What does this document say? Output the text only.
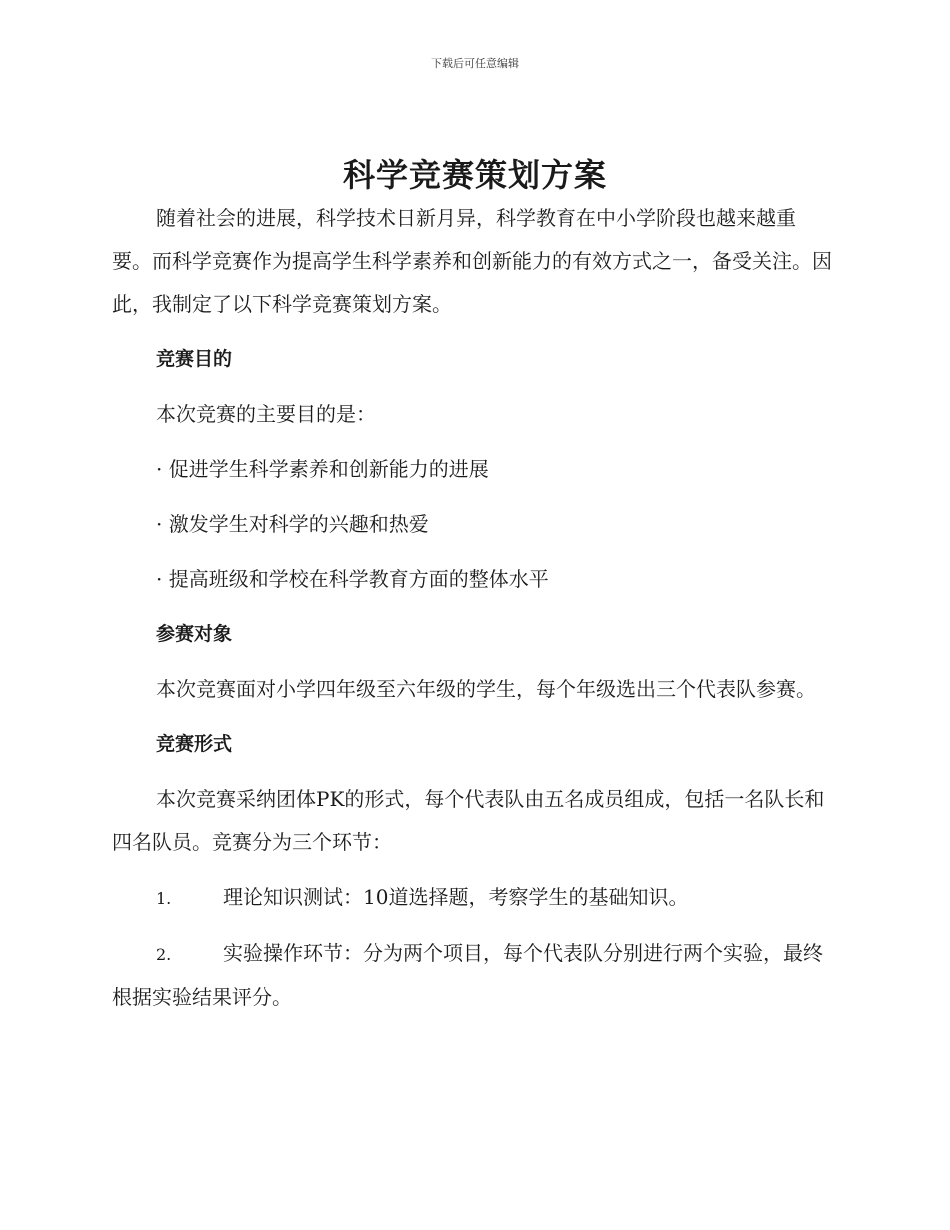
下载后可任意编辑
科学竞赛策划方案

随着社会的进展，科学技术日新月异，科学教育在中小学阶段也越来越重要。而科学竞赛作为提高学生科学素养和创新能力的有效方式之一，备受关注。因此，我制定了以下科学竞赛策划方案。

竞赛目的

本次竞赛的主要目的是：

· 促进学生科学素养和创新能力的进展

· 激发学生对科学的兴趣和热爱

· 提高班级和学校在科学教育方面的整体水平

参赛对象

本次竞赛面对小学四年级至六年级的学生，每个年级选出三个代表队参赛。

竞赛形式

本次竞赛采纳团体PK的形式，每个代表队由五名成员组成，包括一名队长和四名队员。竞赛分为三个环节：

1.	理论知识测试：10道选择题，考察学生的基础知识。

2.	实验操作环节：分为两个项目，每个代表队分别进行两个实验，最终根据实验结果评分。
